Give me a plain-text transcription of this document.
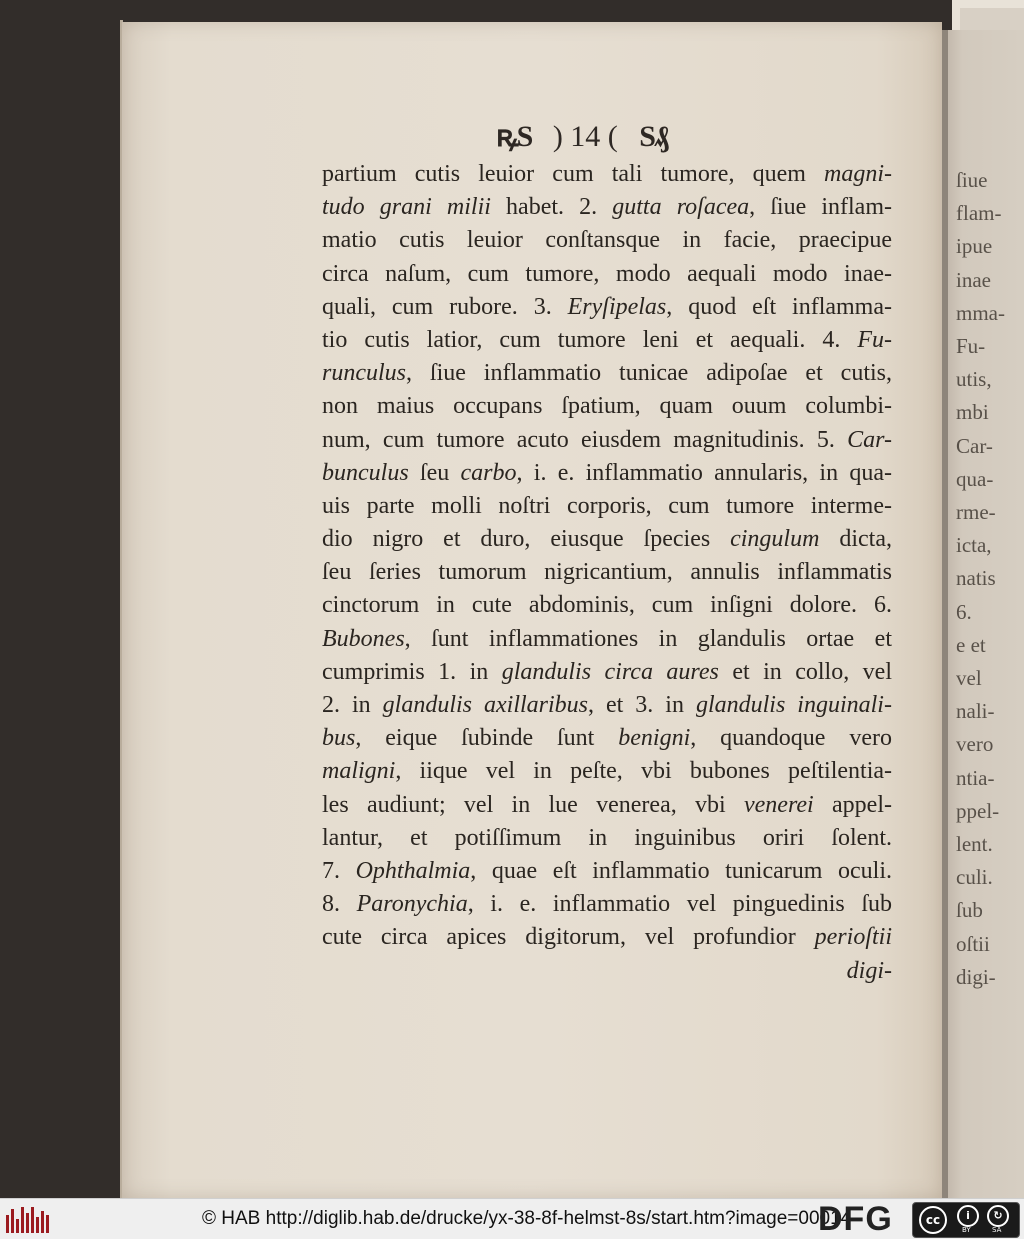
ſiue
flam-
ipue
inae
mma-
Fu-
utis,
mbi
Car-
qua-
rme-
icta,
natis
6.
e et
vel
nali-
vero
ntia-
ppel-
lent.
culi.
ſub
oſtii
digi-
ꝶS ) 14 ( S₰
partium cutis leuior cum tali tumore, quem magni-
tudo grani milii habet. 2. gutta roſacea, ſiue inflam-
matio cutis leuior conſtansque in facie, praecipue
circa naſum, cum tumore, modo aequali modo inae-
quali, cum rubore. 3. Eryſipelas, quod eſt inflamma-
tio cutis latior, cum tumore leni et aequali. 4. Fu-
runculus, ſiue inflammatio tunicae adipoſae et cutis,
non maius occupans ſpatium, quam ouum columbi-
num, cum tumore acuto eiusdem magnitudinis. 5. Car-
bunculus ſeu carbo, i. e. inflammatio annularis, in qua-
uis parte molli noſtri corporis, cum tumore interme-
dio nigro et duro, eiusque ſpecies cingulum dicta,
ſeu ſeries tumorum nigricantium, annulis inflammatis
cinctorum in cute abdominis, cum inſigni dolore. 6.
Bubones, ſunt inflammationes in glandulis ortae et
cumprimis 1. in glandulis circa aures et in collo, vel
2. in glandulis axillaribus, et 3. in glandulis inguinali-
bus, eique ſubinde ſunt benigni, quandoque vero
maligni, iique vel in peſte, vbi bubones peſtilentia-
les audiunt; vel in lue venerea, vbi venerei appel-
lantur, et potiſſimum in inguinibus oriri ſolent.
7. Ophthalmia, quae eſt inflammatio tunicarum oculi.
8. Paronychia, i. e. inflammatio vel pinguedinis ſub
cute circa apices digitorum, vel profundior perioſtii
digi-
© HAB http://diglib.hab.de/drucke/yx-38-8f-helmst-8s/start.htm?image=00014
DFG	cc	i
BY
↻
SA
